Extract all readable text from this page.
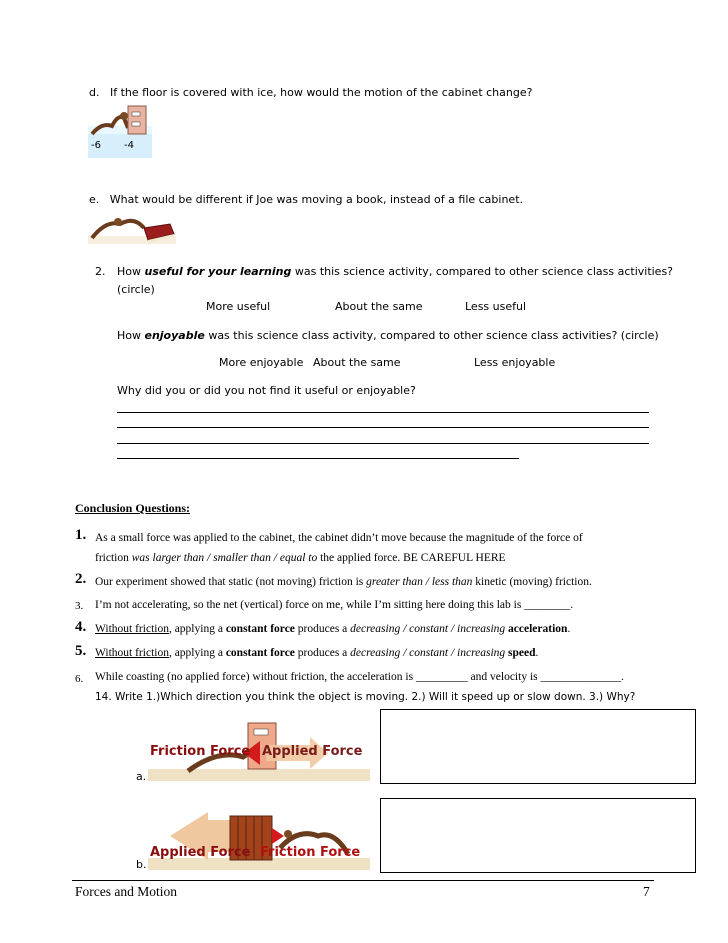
d. If the floor is covered with ice, how would the motion of the cabinet change?
-6 -4
e. What would be different if Joe was moving a book, instead of a file cabinet.
2. How useful for your learning was this science activity, compared to other science class activities?
(circle)
More useful	About the same	Less useful
How enjoyable was this science class activity, compared to other science class activities? (circle)
More enjoyable About the same	Less enjoyable
Why did you or did you not find it useful or enjoyable?
Conclusion Questions:
1. As a small force was applied to the cabinet, the cabinet didn’t move because the magnitude of the force of
friction was larger than / smaller than / equal to the applied force. BE CAREFUL HERE
2. Our experiment showed that static (not moving) friction is greater than / less than kinetic (moving) friction.
3. I’m not accelerating, so the net (vertical) force on me, while I’m sitting here doing this lab is ________.
4. Without friction, applying a constant force produces a decreasing / constant / increasing acceleration.
5. Without friction, applying a constant force produces a decreasing / constant / increasing speed.
6. While coasting (no applied force) without friction, the acceleration is _________ and velocity is ______________.
14. Write 1.)Which direction you think the object is moving. 2.) Will it speed up or slow down. 3.) Why?
a.
Friction Force Applied Force
b.
Applied Force Friction Force
Forces and Motion	7
